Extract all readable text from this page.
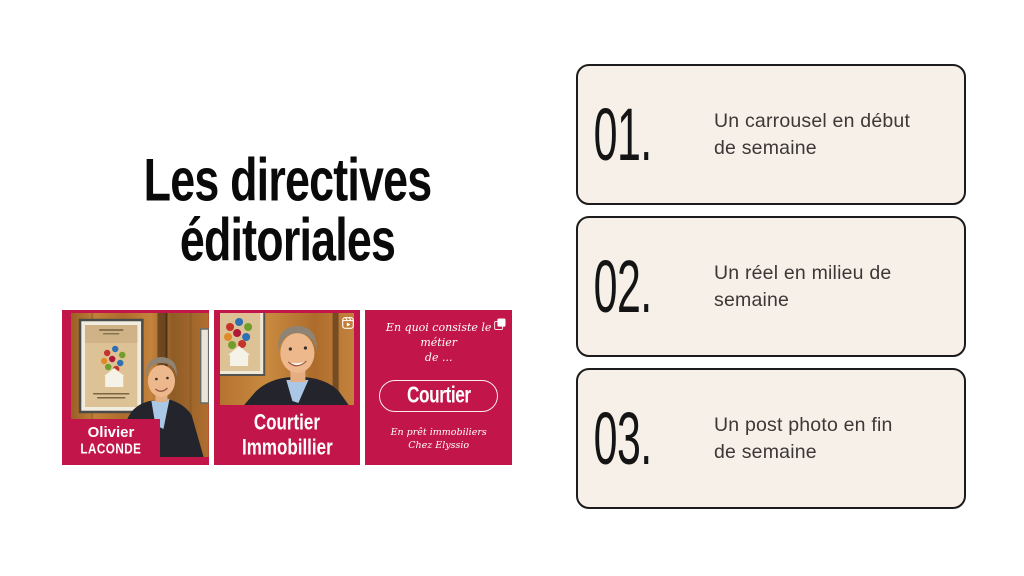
Les directives
éditoriales
Olivier
LACONDE
Courtier
Immobillier
En quoi consiste le métier
de ...
Courtier
En prêt immobiliers
Chez Elyssio
01.	Un carrousel en début
de semaine
02.	Un réel en milieu de
semaine
03.	Un post photo en fin
de semaine
